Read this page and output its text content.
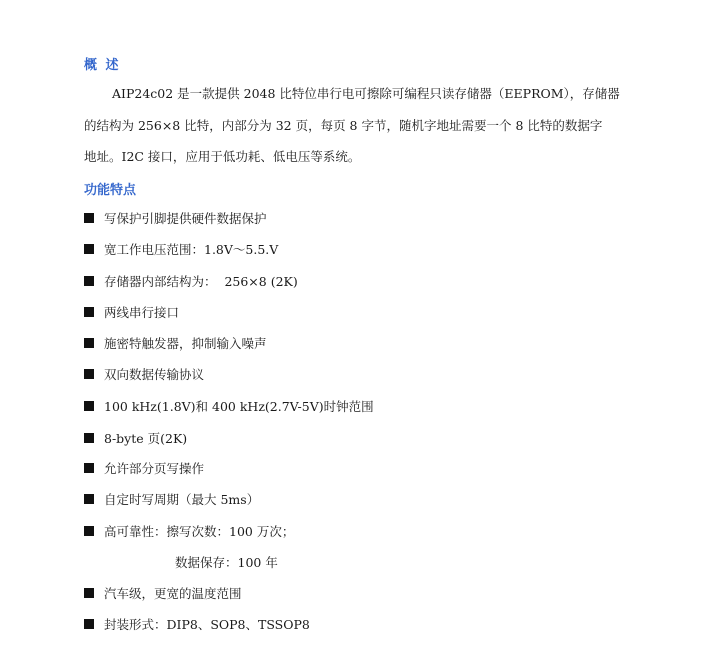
概 述
AIP24c02 是一款提供 2048 比特位串行电可擦除可编程只读存储器（EEPROM），存储器
的结构为 256×8 比特，内部分为 32 页，每页 8 字节，随机字地址需要一个 8 比特的数据字
地址。I2C 接口，应用于低功耗、低电压等系统。
功能特点
写保护引脚提供硬件数据保护
宽工作电压范围：1.8V～5.5.V
存储器内部结构为：  256×8 (2K)
两线串行接口
施密特触发器，抑制输入噪声
双向数据传输协议
100 kHz(1.8V)和 400 kHz(2.7V-5V)时钟范围
8-byte 页(2K)
允许部分页写操作
自定时写周期（最大 5ms）
高可靠性：擦写次数：100 万次；
数据保存：100 年
汽车级，更宽的温度范围
封装形式：DIP8、SOP8、TSSOP8
